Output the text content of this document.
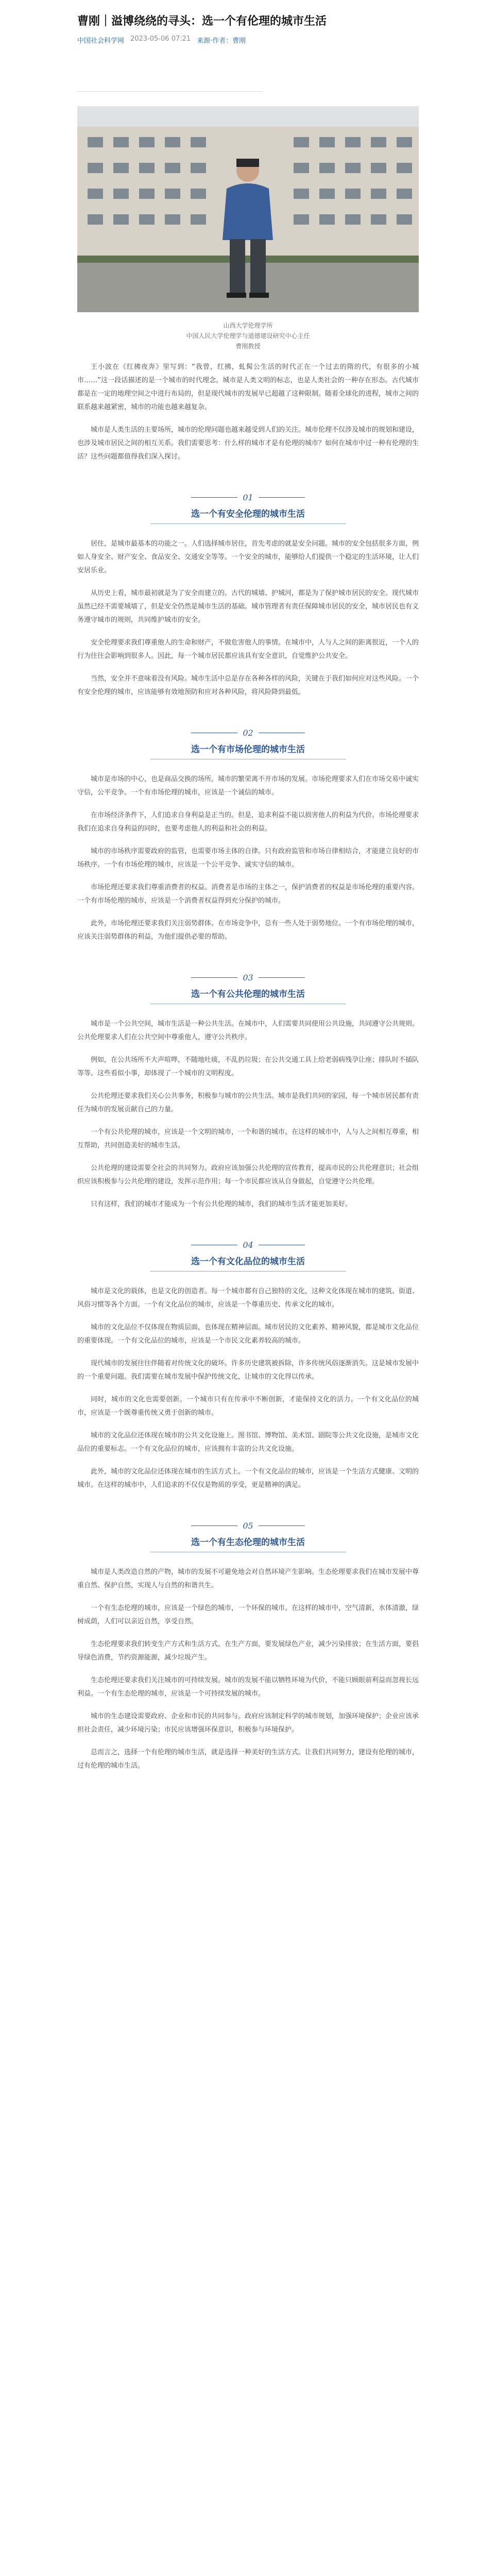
曹刚｜溢博绕绕的寻头：选一个有伦理的城市生活
中国社会科学网 2023-05-06 07:21 来源·作者：曹刚
山西大学伦理学所
中国人民大学伦理学与道德建设研究中心主任
曹刚教授

王小波在《红拂夜奔》里写到：“我曾，红拂，虬髯公生活的时代正在一个过去的隋的代，有很多的小城市……”这一段话描述的是一个城市的时代理念。城市是人类文明的标志，也是人类社会的一种存在形态。古代城市都是在一定的地理空间之中进行布局的，但是现代城市的发展早已超越了这种限制。随着全球化的进程，城市之间的联系越来越紧密，城市的功能也越来越复杂。

城市是人类生活的主要场所，城市的伦理问题也越来越受到人们的关注。城市伦理不仅涉及城市的规划和建设，也涉及城市居民之间的相互关系。我们需要思考：什么样的城市才是有伦理的城市？如何在城市中过一种有伦理的生活？这些问题都值得我们深入探讨。

01
选一个有安全伦理的城市生活

居住，是城市最基本的功能之一。人们选择城市居住，首先考虑的就是安全问题。城市的安全包括很多方面，例如人身安全、财产安全、食品安全、交通安全等等。一个安全的城市，能够给人们提供一个稳定的生活环境，让人们安居乐业。

从历史上看，城市最初就是为了安全而建立的。古代的城墙、护城河，都是为了保护城市居民的安全。现代城市虽然已经不需要城墙了，但是安全仍然是城市生活的基础。城市管理者有责任保障城市居民的安全，城市居民也有义务遵守城市的规则，共同维护城市的安全。

安全伦理要求我们尊重他人的生命和财产，不做危害他人的事情。在城市中，人与人之间的距离很近，一个人的行为往往会影响到很多人。因此，每一个城市居民都应该具有安全意识，自觉维护公共安全。

当然，安全并不意味着没有风险。城市生活中总是存在各种各样的风险，关键在于我们如何应对这些风险。一个有安全伦理的城市，应该能够有效地预防和应对各种风险，将风险降到最低。

02
选一个有市场伦理的城市生活

城市是市场的中心，也是商品交换的场所。城市的繁荣离不开市场的发展。市场伦理要求人们在市场交易中诚实守信，公平竞争。一个有市场伦理的城市，应该是一个诚信的城市。

在市场经济条件下，人们追求自身利益是正当的。但是，追求利益不能以损害他人的利益为代价。市场伦理要求我们在追求自身利益的同时，也要考虑他人的利益和社会的利益。

城市的市场秩序需要政府的监管，也需要市场主体的自律。只有政府监管和市场自律相结合，才能建立良好的市场秩序。一个有市场伦理的城市，应该是一个公平竞争、诚实守信的城市。

市场伦理还要求我们尊重消费者的权益。消费者是市场的主体之一，保护消费者的权益是市场伦理的重要内容。一个有市场伦理的城市，应该是一个消费者权益得到充分保护的城市。

此外，市场伦理还要求我们关注弱势群体。在市场竞争中，总有一些人处于弱势地位。一个有市场伦理的城市，应该关注弱势群体的利益，为他们提供必要的帮助。

03
选一个有公共伦理的城市生活

城市是一个公共空间，城市生活是一种公共生活。在城市中，人们需要共同使用公共设施，共同遵守公共规则。公共伦理要求人们在公共空间中尊重他人，遵守公共秩序。

例如，在公共场所不大声喧哗，不随地吐痰，不乱扔垃圾；在公共交通工具上给老弱病残孕让座；排队时不插队等等。这些看似小事，却体现了一个城市的文明程度。

公共伦理还要求我们关心公共事务，积极参与城市的公共生活。城市是我们共同的家园，每一个城市居民都有责任为城市的发展贡献自己的力量。

一个有公共伦理的城市，应该是一个文明的城市，一个和谐的城市。在这样的城市中，人与人之间相互尊重，相互帮助，共同创造美好的城市生活。

公共伦理的建设需要全社会的共同努力。政府应该加强公共伦理的宣传教育，提高市民的公共伦理意识；社会组织应该积极参与公共伦理的建设，发挥示范作用；每一个市民都应该从自身做起，自觉遵守公共伦理。

只有这样，我们的城市才能成为一个有公共伦理的城市，我们的城市生活才能更加美好。

04
选一个有文化品位的城市生活

城市是文化的载体，也是文化的创造者。每一个城市都有自己独特的文化，这种文化体现在城市的建筑、街道、风俗习惯等各个方面。一个有文化品位的城市，应该是一个尊重历史、传承文化的城市。

城市的文化品位不仅体现在物质层面，也体现在精神层面。城市居民的文化素养、精神风貌，都是城市文化品位的重要体现。一个有文化品位的城市，应该是一个市民文化素养较高的城市。

现代城市的发展往往伴随着对传统文化的破坏。许多历史建筑被拆除，许多传统风俗逐渐消失。这是城市发展中的一个重要问题。我们需要在城市发展中保护传统文化，让城市的文化得以传承。

同时，城市的文化也需要创新。一个城市只有在传承中不断创新，才能保持文化的活力。一个有文化品位的城市，应该是一个既尊重传统又勇于创新的城市。

城市的文化品位还体现在城市的公共文化设施上。图书馆、博物馆、美术馆、剧院等公共文化设施，是城市文化品位的重要标志。一个有文化品位的城市，应该拥有丰富的公共文化设施。

此外，城市的文化品位还体现在城市的生活方式上。一个有文化品位的城市，应该是一个生活方式健康、文明的城市。在这样的城市中，人们追求的不仅仅是物质的享受，更是精神的满足。

05
选一个有生态伦理的城市生活

城市是人类改造自然的产物，城市的发展不可避免地会对自然环境产生影响。生态伦理要求我们在城市发展中尊重自然、保护自然，实现人与自然的和谐共生。

一个有生态伦理的城市，应该是一个绿色的城市，一个环保的城市。在这样的城市中，空气清新，水体清澈，绿树成荫，人们可以亲近自然，享受自然。

生态伦理要求我们转变生产方式和生活方式。在生产方面，要发展绿色产业，减少污染排放；在生活方面，要倡导绿色消费，节约资源能源，减少垃圾产生。

生态伦理还要求我们关注城市的可持续发展。城市的发展不能以牺牲环境为代价，不能只顾眼前利益而忽视长远利益。一个有生态伦理的城市，应该是一个可持续发展的城市。

城市的生态建设需要政府、企业和市民的共同参与。政府应该制定科学的城市规划，加强环境保护；企业应该承担社会责任，减少环境污染；市民应该增强环保意识，积极参与环境保护。

总而言之，选择一个有伦理的城市生活，就是选择一种美好的生活方式。让我们共同努力，建设有伦理的城市，过有伦理的城市生活。
